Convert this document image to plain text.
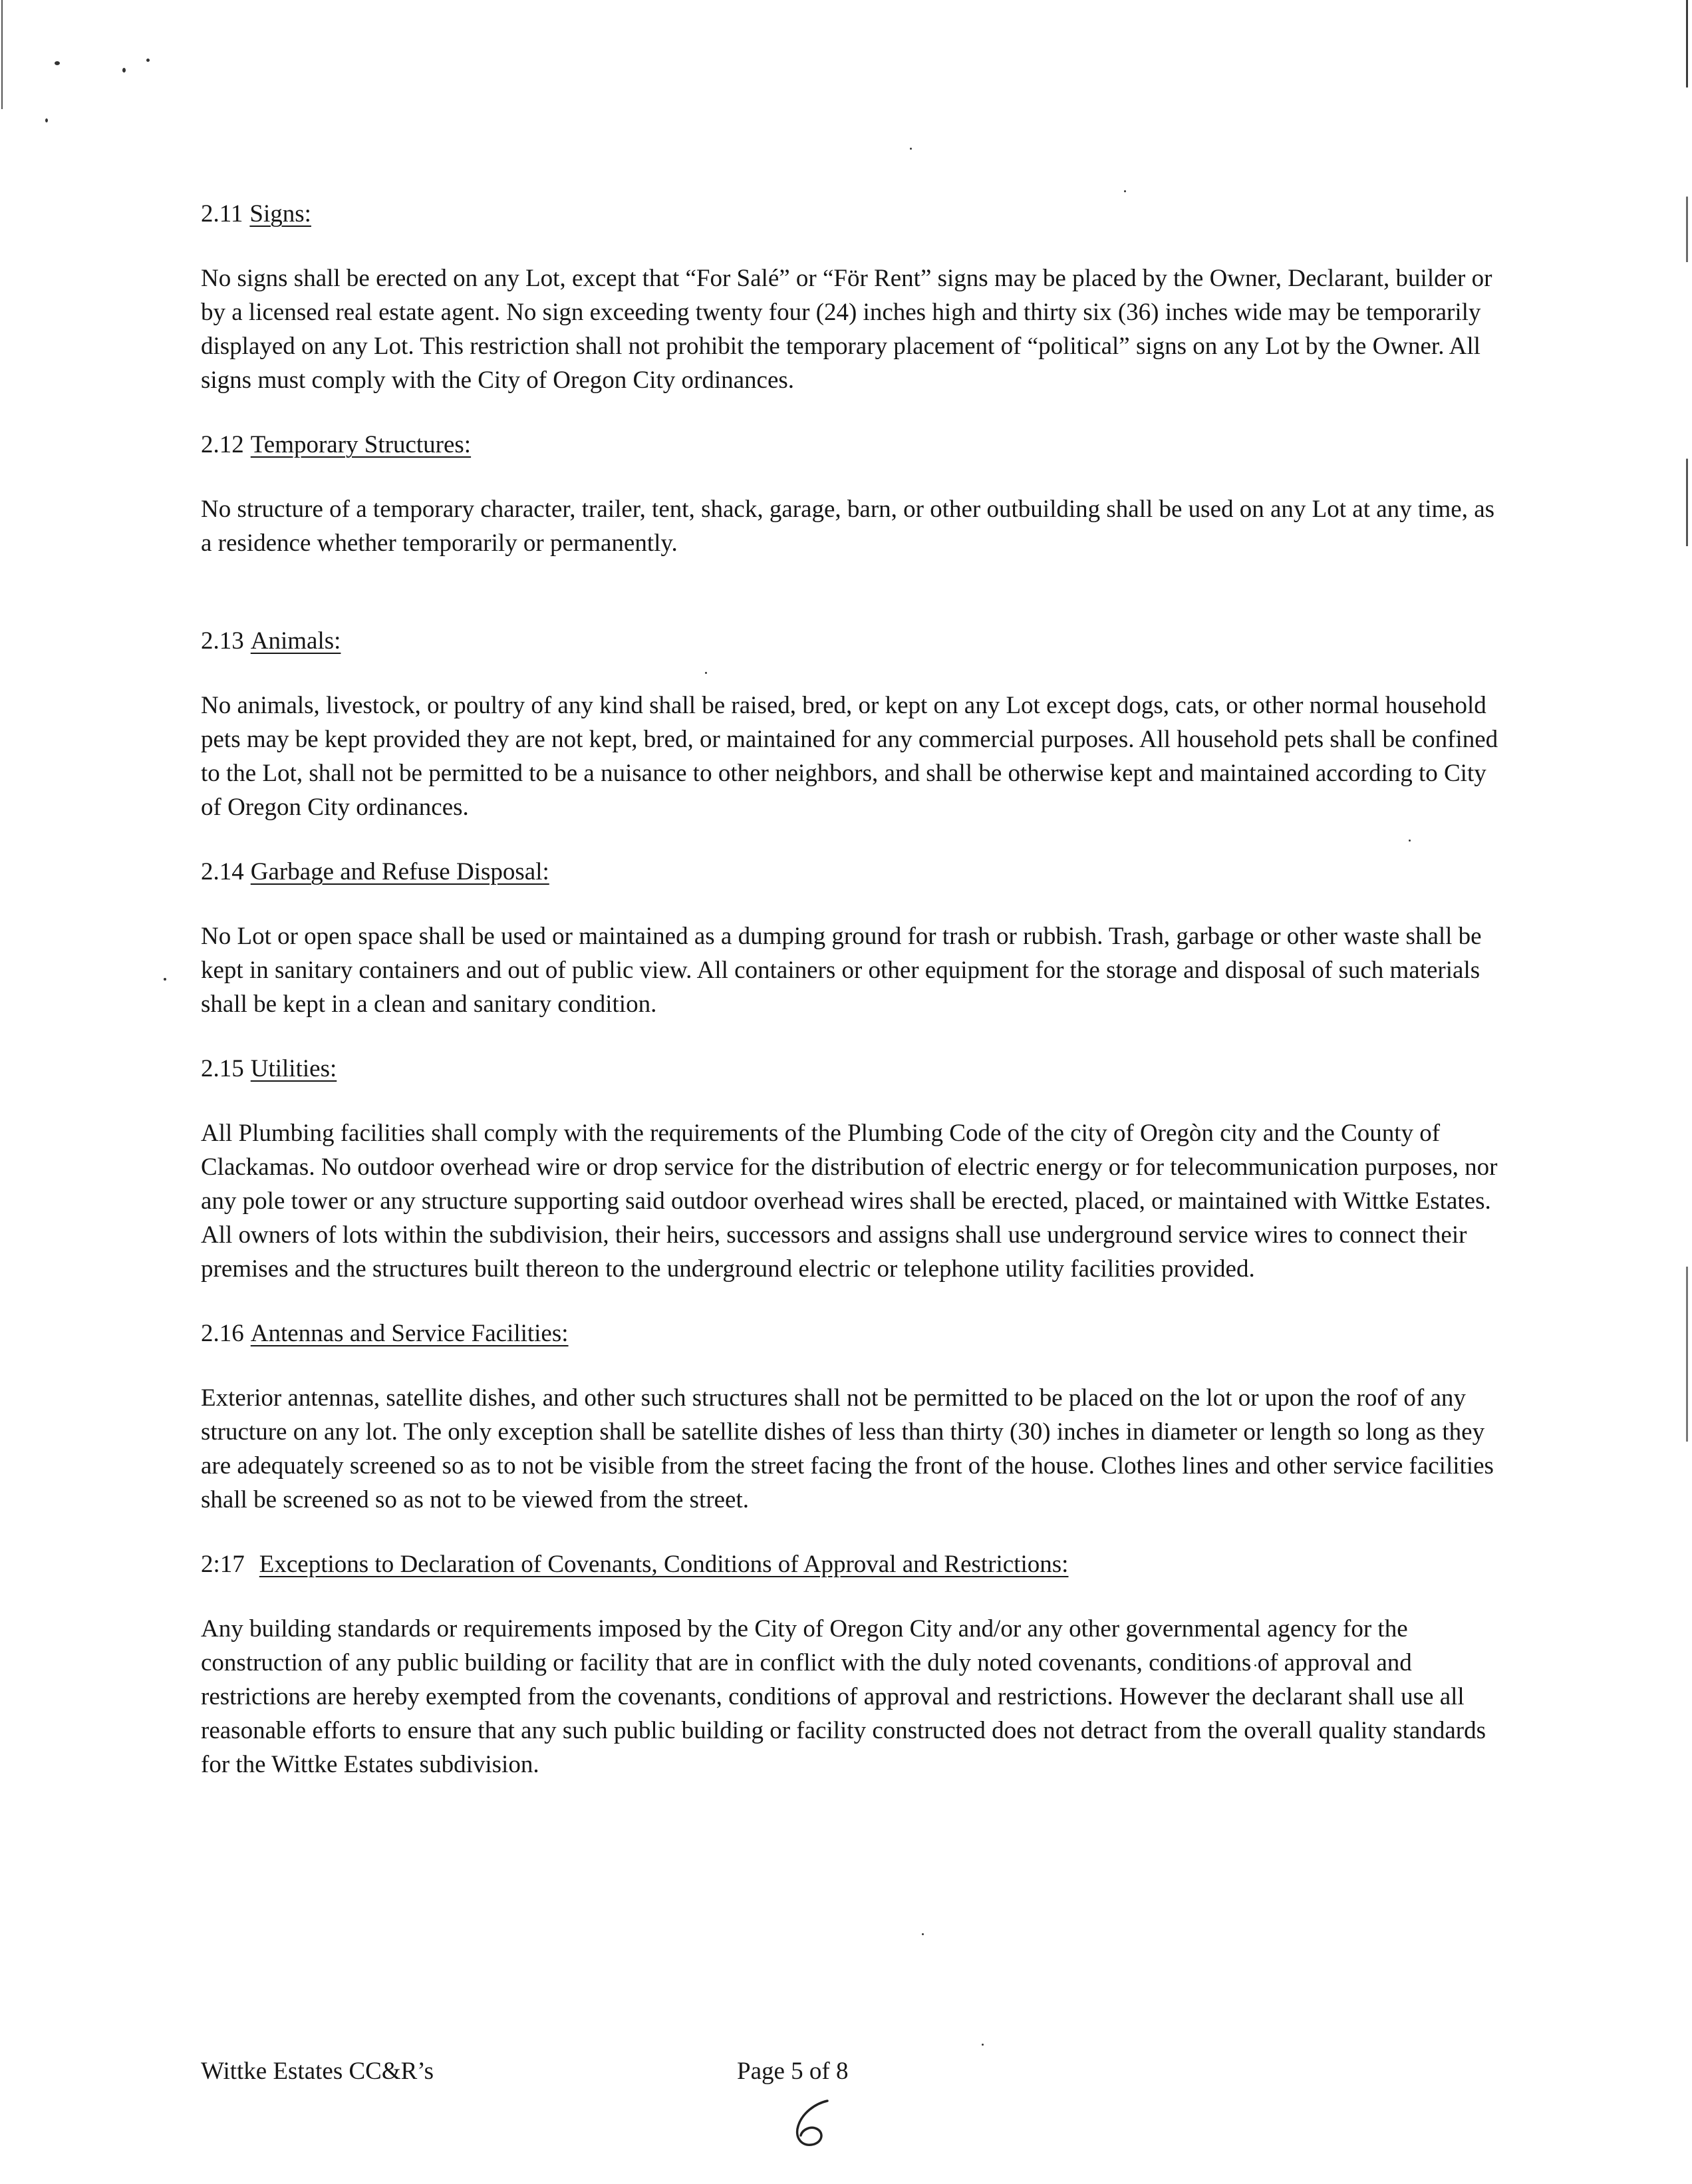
2.11 Signs:

No signs shall be erected on any Lot, except that “For Salé” or “För Rent” signs may be placed by the Owner, Declarant, builder or by a licensed real estate agent. No sign exceeding twenty four (24) inches high and thirty six (36) inches wide may be temporarily displayed on any Lot. This restriction shall not prohibit the temporary placement of “political” signs on any Lot by the Owner. All signs must comply with the City of Oregon City ordinances.

2.12 Temporary Structures:

No structure of a temporary character, trailer, tent, shack, garage, barn, or other outbuilding shall be used on any Lot at any time, as a residence whether temporarily or permanently.

2.13 Animals:

No animals, livestock, or poultry of any kind shall be raised, bred, or kept on any Lot except dogs, cats, or other normal household pets may be kept provided they are not kept, bred, or maintained for any commercial purposes. All household pets shall be confined to the Lot, shall not be permitted to be a nuisance to other neighbors, and shall be otherwise kept and maintained according to City of Oregon City ordinances.

2.14 Garbage and Refuse Disposal:

No Lot or open space shall be used or maintained as a dumping ground for trash or rubbish. Trash, garbage or other waste shall be kept in sanitary containers and out of public view. All containers or other equipment for the storage and disposal of such materials shall be kept in a clean and sanitary condition.

2.15 Utilities:

All Plumbing facilities shall comply with the requirements of the Plumbing Code of the city of Oregòn city and the County of Clackamas. No outdoor overhead wire or drop service for the distribution of electric energy or for telecommunication purposes, nor any pole tower or any structure supporting said outdoor overhead wires shall be erected, placed, or maintained with Wittke Estates. All owners of lots within the subdivision, their heirs, successors and assigns shall use underground service wires to connect their premises and the structures built thereon to the underground electric or telephone utility facilities provided.

2.16 Antennas and Service Facilities:

Exterior antennas, satellite dishes, and other such structures shall not be permitted to be placed on the lot or upon the roof of any structure on any lot. The only exception shall be satellite dishes of less than thirty (30) inches in diameter or length so long as they are adequately screened so as to not be visible from the street facing the front of the house. Clothes lines and other service facilities shall be screened so as not to be viewed from the street.

2:17 Exceptions to Declaration of Covenants, Conditions of Approval and Restrictions:

Any building standards or requirements imposed by the City of Oregon City and/or any other governmental agency for the construction of any public building or facility that are in conflict with the duly noted covenants, conditions of approval and restrictions are hereby exempted from the covenants, conditions of approval and restrictions. However the declarant shall use all reasonable efforts to ensure that any such public building or facility constructed does not detract from the overall quality standards for the Wittke Estates subdivision.

Wittke Estates CC&R’s	Page 5 of 8
